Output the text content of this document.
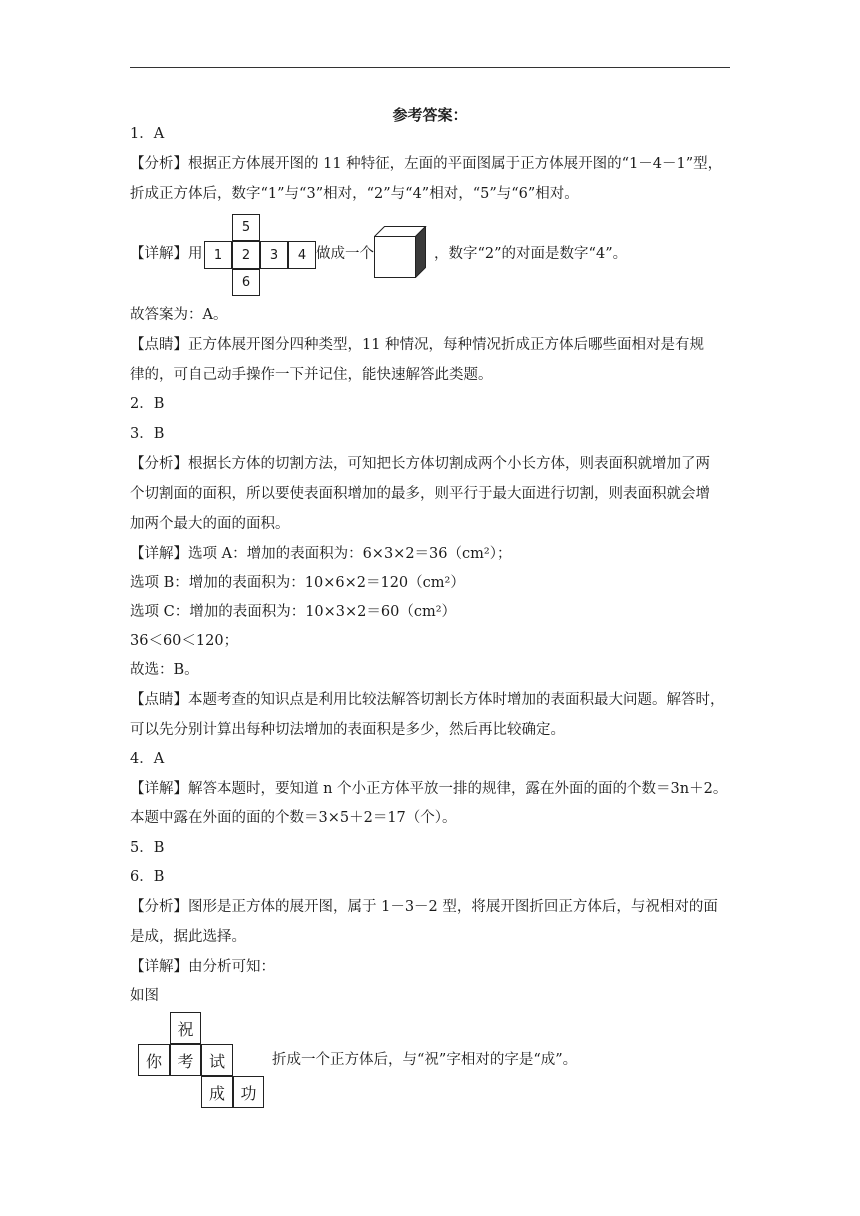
参考答案：
1．A
【分析】根据正方体展开图的 11 种特征，左面的平面图属于正方体展开图的“1－4－1”型，
折成正方体后，数字“1”与“3”相对，“2”与“4”相对，“5”与“6”相对。
【详解】用
5
1	2	3	4
6
做成一个	，数字“2”的对面是数字“4”。
故答案为：A。
【点睛】正方体展开图分四种类型，11 种情况，每种情况折成正方体后哪些面相对是有规
律的，可自己动手操作一下并记住，能快速解答此类题。
2．B
3．B
【分析】根据长方体的切割方法，可知把长方体切割成两个小长方体，则表面积就增加了两
个切割面的面积，所以要使表面积增加的最多，则平行于最大面进行切割，则表面积就会增
加两个最大的面的面积。
【详解】选项 A：增加的表面积为：6×3×2＝36（cm²）；
选项 B：增加的表面积为：10×6×2＝120（cm²）
选项 C：增加的表面积为：10×3×2＝60（cm²）
36＜60＜120；
故选：B。
【点睛】本题考查的知识点是利用比较法解答切割长方体时增加的表面积最大问题。解答时，
可以先分别计算出每种切法增加的表面积是多少，然后再比较确定。
4．A
【详解】解答本题时，要知道 n 个小正方体平放一排的规律，露在外面的面的个数＝3n＋2。
本题中露在外面的面的个数＝3×5＋2＝17（个）。
5．B
6．B
【分析】图形是正方体的展开图，属于 1－3－2 型，将展开图折回正方体后，与祝相对的面
是成，据此选择。
【详解】由分析可知：
如图
祝
你 考 试
成 功
折成一个正方体后，与“祝”字相对的字是“成”。
